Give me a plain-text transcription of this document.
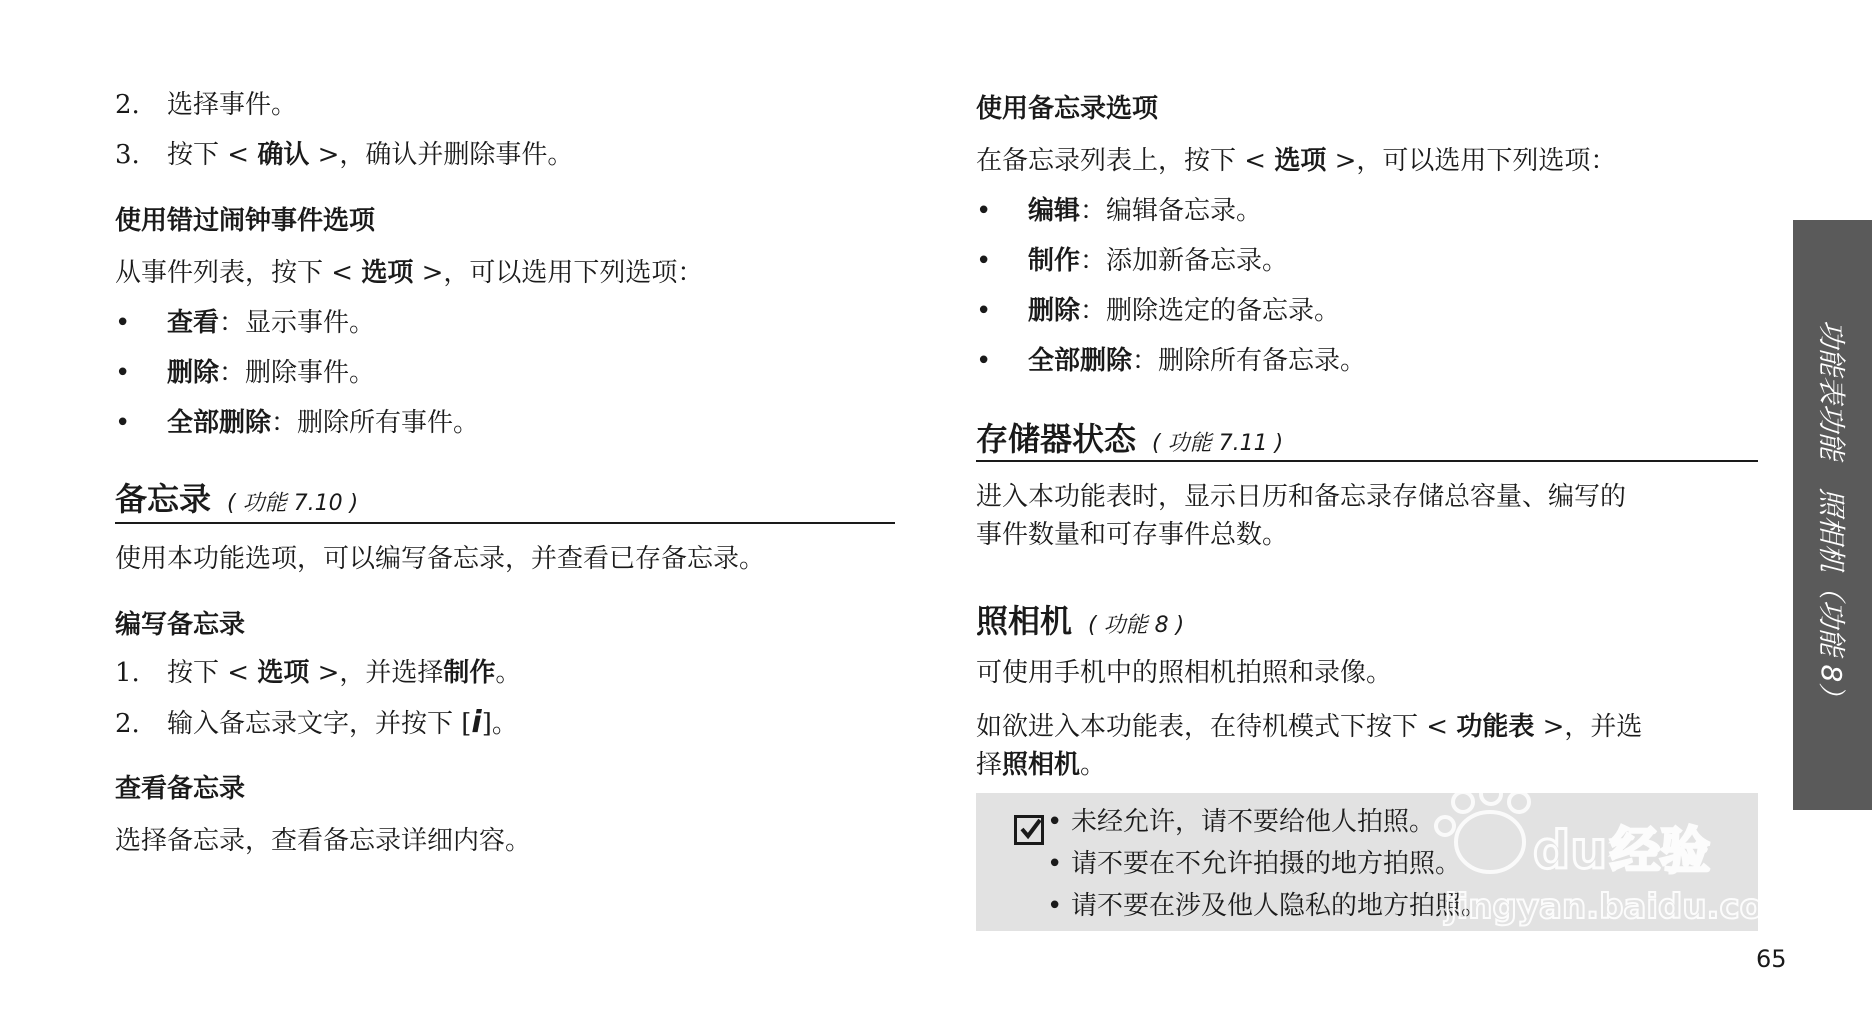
2. 选择事件。
3. 按下 < 确认 >，确认并删除事件。
使用错过闹钟事件选项
从事件列表，按下 < 选项 >，可以选用下列选项：
• 查看：显示事件。
• 删除：删除事件。
• 全部删除：删除所有事件。
备忘录 ( 功能 7.10 )
使用本功能选项，可以编写备忘录，并查看已存备忘录。
编写备忘录
1. 按下 < 选项 >，并选择制作。
2. 输入备忘录文字，并按下 [i]。
查看备忘录
选择备忘录，查看备忘录详细内容。
使用备忘录选项
在备忘录列表上，按下 < 选项 >，可以选用下列选项：
• 编辑：编辑备忘录。
• 制作：添加新备忘录。
• 删除：删除选定的备忘录。
• 全部删除：删除所有备忘录。
存储器状态 ( 功能 7.11 )
进入本功能表时，显示日历和备忘录存储总容量、编写的
事件数量和可存事件总数。
照相机 ( 功能 8 )
可使用手机中的照相机拍照和录像。
如欲进入本功能表，在待机模式下按下 < 功能表 >，并选
择照相机。
• 未经允许，请不要给他人拍照。
• 请不要在不允许拍摄的地方拍照。
• 请不要在涉及他人隐私的地方拍照。
du 经验
jingyan.baidu.com
功能表功能　照相机（功能 8）
65
